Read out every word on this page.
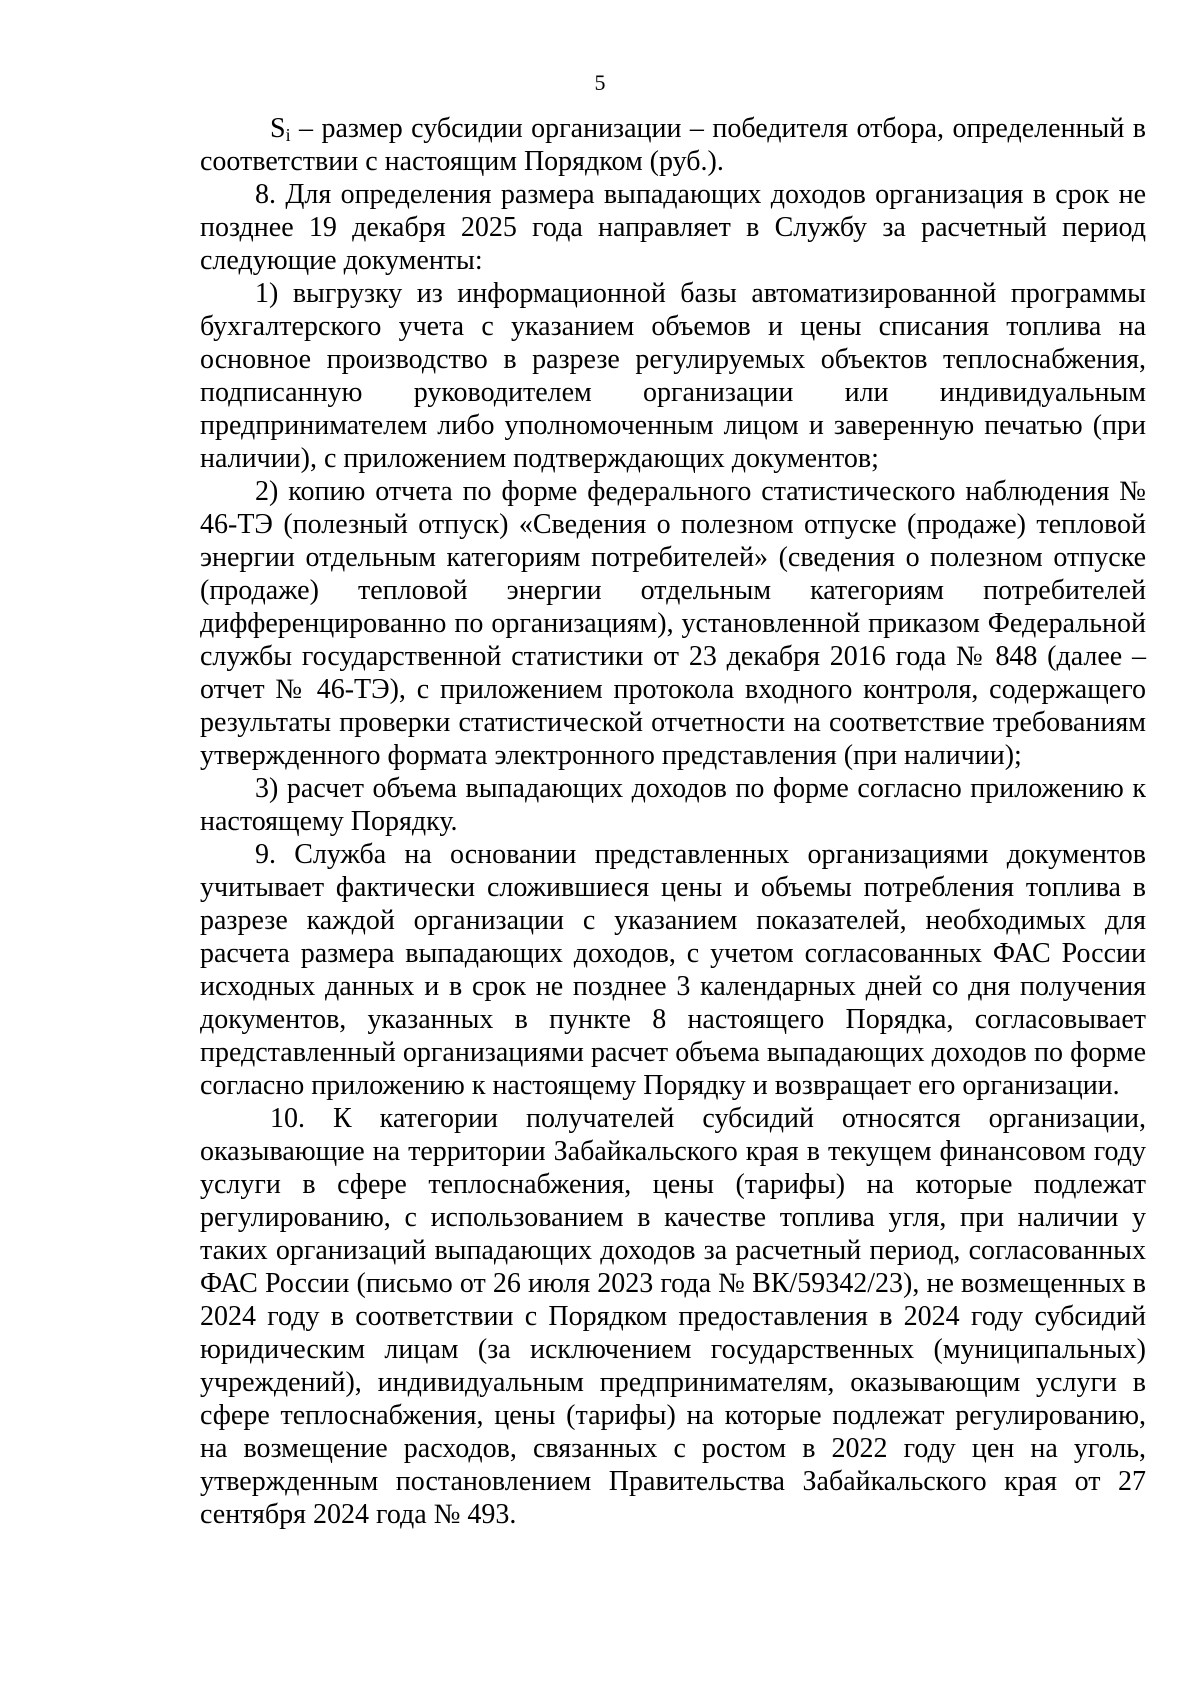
5

$S_i$ – размер субсидии организации – победителя отбора, определенный в соответствии с настоящим Порядком (руб.).

8. Для определения размера выпадающих доходов организация в срок не позднее 19 декабря 2025 года направляет в Службу за расчетный период следующие документы:

1) выгрузку из информационной базы автоматизированной программы бухгалтерского учета с указанием объемов и цены списания топлива на основное производство в разрезе регулируемых объектов теплоснабжения, подписанную руководителем организации или индивидуальным предпринимателем либо уполномоченным лицом и заверенную печатью (при наличии), с приложением подтверждающих документов;

2) копию отчета по форме федерального статистического наблюдения № 46-ТЭ (полезный отпуск) «Сведения о полезном отпуске (продаже) тепловой энергии отдельным категориям потребителей» (сведения о полезном отпуске (продаже) тепловой энергии отдельным категориям потребителей дифференцированно по организациям), установленной приказом Федеральной службы государственной статистики от 23 декабря 2016 года № 848 (далее – отчет № 46-ТЭ), с приложением протокола входного контроля, содержащего результаты проверки статистической отчетности на соответствие требованиям утвержденного формата электронного представления (при наличии);

3) расчет объема выпадающих доходов по форме согласно приложению к настоящему Порядку.

9. Служба на основании представленных организациями документов учитывает фактически сложившиеся цены и объемы потребления топлива в разрезе каждой организации с указанием показателей, необходимых для расчета размера выпадающих доходов, с учетом согласованных ФАС России исходных данных и в срок не позднее 3 календарных дней со дня получения документов, указанных в пункте 8 настоящего Порядка, согласовывает представленный организациями расчет объема выпадающих доходов по форме согласно приложению к настоящему Порядку и возвращает его организации.

10. К категории получателей субсидий относятся организации, оказывающие на территории Забайкальского края в текущем финансовом году услуги в сфере теплоснабжения, цены (тарифы) на которые подлежат регулированию, с использованием в качестве топлива угля, при наличии у таких организаций выпадающих доходов за расчетный период, согласованных ФАС России (письмо от 26 июля 2023 года № ВК/59342/23), не возмещенных в 2024 году в соответствии с Порядком предоставления в 2024 году субсидий юридическим лицам (за исключением государственных (муниципальных) учреждений), индивидуальным предпринимателям, оказывающим услуги в сфере теплоснабжения, цены (тарифы) на которые подлежат регулированию, на возмещение расходов, связанных с ростом в 2022 году цен на уголь, утвержденным постановлением Правительства Забайкальского края от 27 сентября 2024 года № 493.
